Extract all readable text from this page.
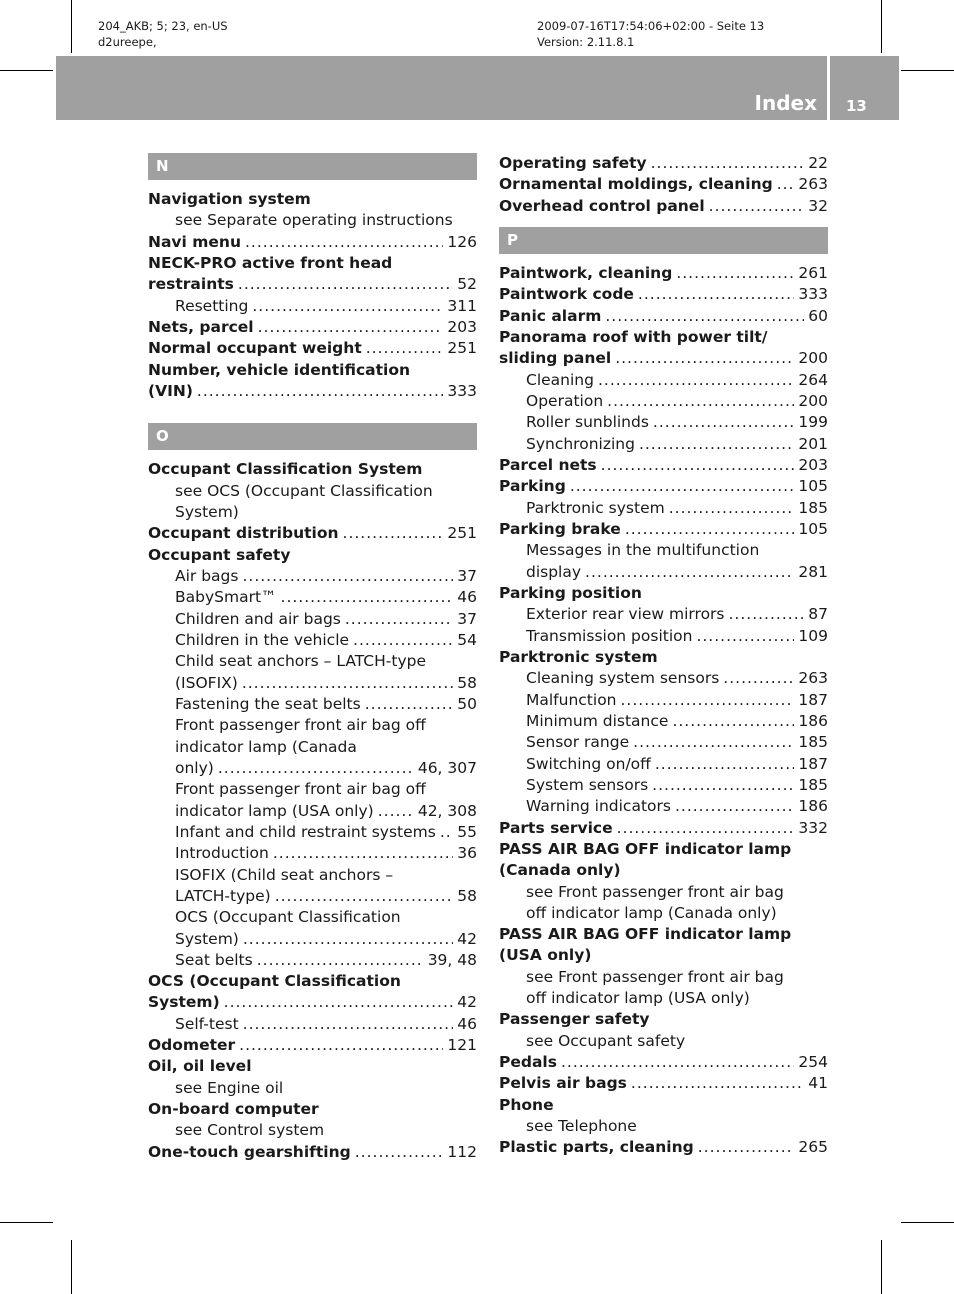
204_AKB; 5; 23, en-US
d2ureepe,
2009-07-16T17:54:06+02:00 - Seite 13
Version: 2.11.8.1
Index 13
N
Navigation system
see Separate operating instructions
Navi menu .....	126
NECK-PRO active front head
restraints .....	52
Resetting .....	311
Nets, parcel .....	203
Normal occupant weight .....	251
Number, vehicle identification
(VIN) .....	333
O
Occupant Classification System
see OCS (Occupant Classification
System)
Occupant distribution .....	251
Occupant safety
Air bags .....	37
BabySmart™ .....	46
Children and air bags .....	37
Children in the vehicle .....	54
Child seat anchors – LATCH-type
(ISOFIX) .....	58
Fastening the seat belts .....	50
Front passenger front air bag off
indicator lamp (Canada
only) .....	46, 307
Front passenger front air bag off
indicator lamp (USA only) .....	42, 308
Infant and child restraint systems ..... 55
Introduction .....	36
ISOFIX (Child seat anchors –
LATCH-type) .....	58
OCS (Occupant Classification
System) .....	42
Seat belts .....	39, 48
OCS (Occupant Classification
System) .....	42
Self-test .....	46
Odometer .....	121
Oil, oil level
see Engine oil
On-board computer
see Control system
One-touch gearshifting .....	112
Operating safety .....	22
Ornamental moldings, cleaning ..... 263
Overhead control panel .....	32
P
Paintwork, cleaning .....	261
Paintwork code .....	333
Panic alarm .....	60
Panorama roof with power tilt/
sliding panel .....	200
Cleaning .....	264
Operation .....	200
Roller sunblinds .....	199
Synchronizing .....	201
Parcel nets .....	203
Parking .....	105
Parktronic system .....	185
Parking brake .....	105
Messages in the multifunction
display .....	281
Parking position
Exterior rear view mirrors .....	87
Transmission position .....	109
Parktronic system
Cleaning system sensors .....	263
Malfunction .....	187
Minimum distance .....	186
Sensor range .....	185
Switching on/off .....	187
System sensors .....	185
Warning indicators .....	186
Parts service .....	332
PASS AIR BAG OFF indicator lamp
(Canada only)
see Front passenger front air bag
off indicator lamp (Canada only)
PASS AIR BAG OFF indicator lamp
(USA only)
see Front passenger front air bag
off indicator lamp (USA only)
Passenger safety
see Occupant safety
Pedals .....	254
Pelvis air bags .....	41
Phone
see Telephone
Plastic parts, cleaning .....	265
